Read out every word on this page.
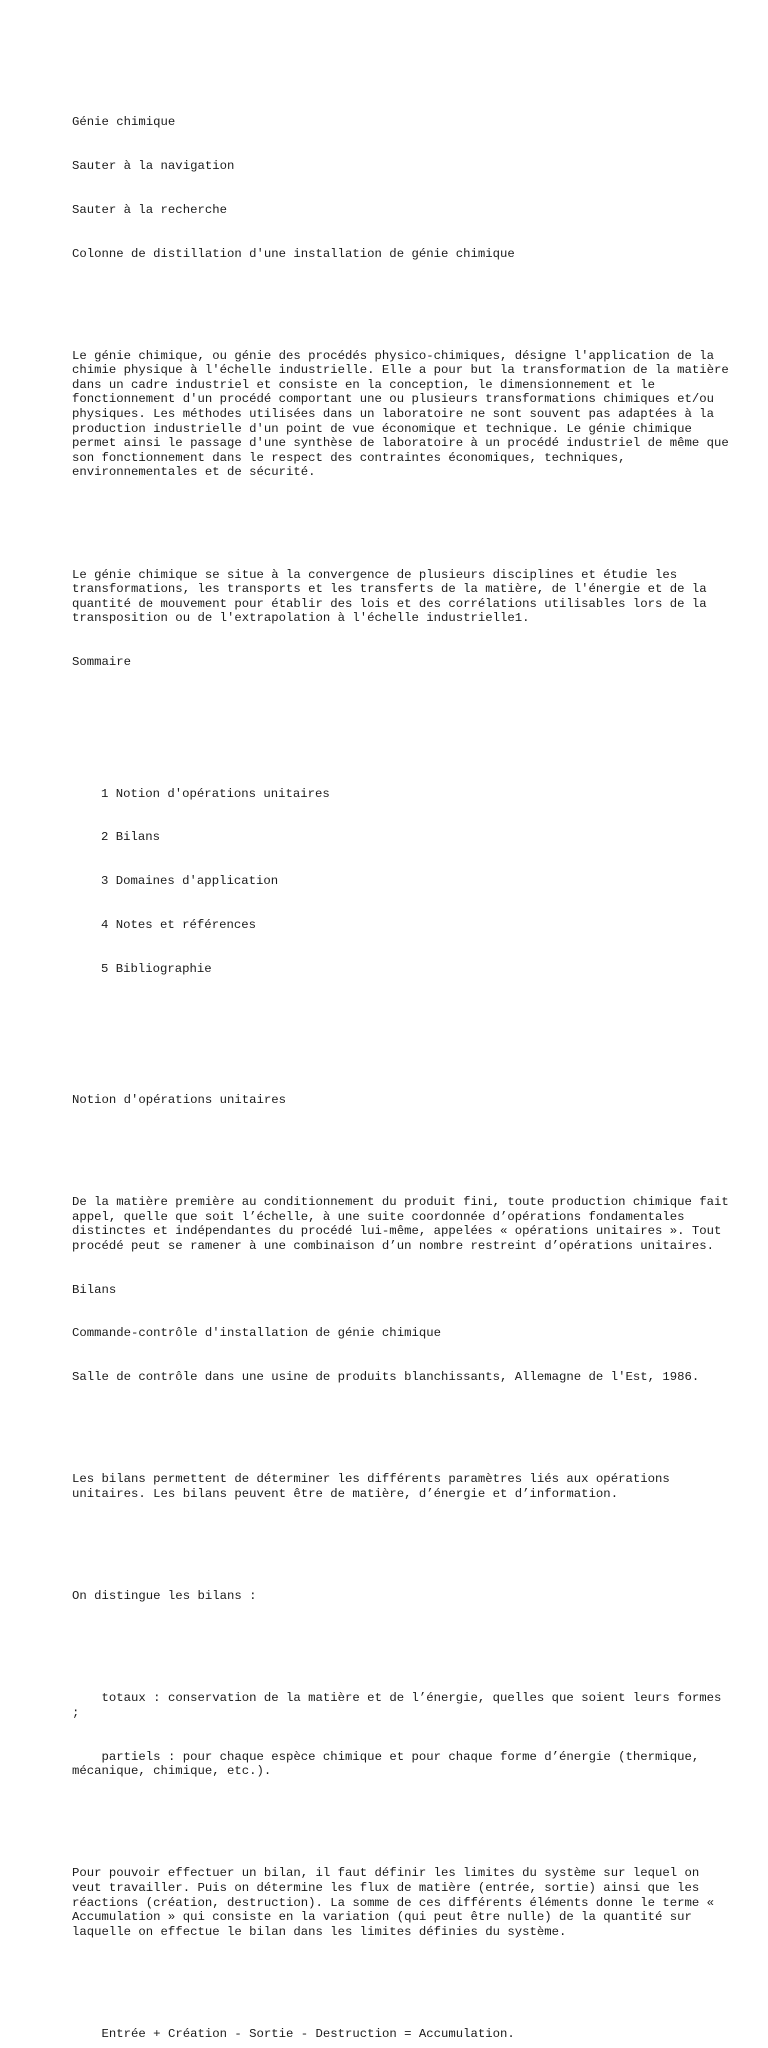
Génie chimique

Sauter à la navigation

Sauter à la recherche

Colonne de distillation d'une installation de génie chimique

Le génie chimique, ou génie des procédés physico-chimiques, désigne l'application de la chimie physique à l'échelle industrielle. Elle a pour but la transformation de la matière dans un cadre industriel et consiste en la conception, le dimensionnement et le fonctionnement d'un procédé comportant une ou plusieurs transformations chimiques et/ou physiques. Les méthodes utilisées dans un laboratoire ne sont souvent pas adaptées à la production industrielle d'un point de vue économique et technique. Le génie chimique permet ainsi le passage d'une synthèse de laboratoire à un procédé industriel de même que son fonctionnement dans le respect des contraintes économiques, techniques, environnementales et de sécurité.

Le génie chimique se situe à la convergence de plusieurs disciplines et étudie les transformations, les transports et les transferts de la matière, de l'énergie et de la quantité de mouvement pour établir des lois et des corrélations utilisables lors de la transposition ou de l'extrapolation à l'échelle industrielle1.

Sommaire

1 Notion d'opérations unitaires

2 Bilans

3 Domaines d'application

4 Notes et références

5 Bibliographie

Notion d'opérations unitaires

De la matière première au conditionnement du produit fini, toute production chimique fait appel, quelle que soit l’échelle, à une suite coordonnée d’opérations fondamentales distinctes et indépendantes du procédé lui-même, appelées « opérations unitaires ». Tout procédé peut se ramener à une combinaison d’un nombre restreint d’opérations unitaires.

Bilans

Commande-contrôle d'installation de génie chimique

Salle de contrôle dans une usine de produits blanchissants, Allemagne de l'Est, 1986.

Les bilans permettent de déterminer les différents paramètres liés aux opérations unitaires. Les bilans peuvent être de matière, d’énergie et d’information.

On distingue les bilans :

totaux : conservation de la matière et de l’énergie, quelles que soient leurs formes ;

partiels : pour chaque espèce chimique et pour chaque forme d’énergie (thermique, mécanique, chimique, etc.).

Pour pouvoir effectuer un bilan, il faut définir les limites du système sur lequel on veut travailler. Puis on détermine les flux de matière (entrée, sortie) ainsi que les réactions (création, destruction). La somme de ces différents éléments donne le terme « Accumulation » qui consiste en la variation (qui peut être nulle) de la quantité sur laquelle on effectue le bilan dans les limites définies du système.

Entrée + Création - Sortie - Destruction = Accumulation.
